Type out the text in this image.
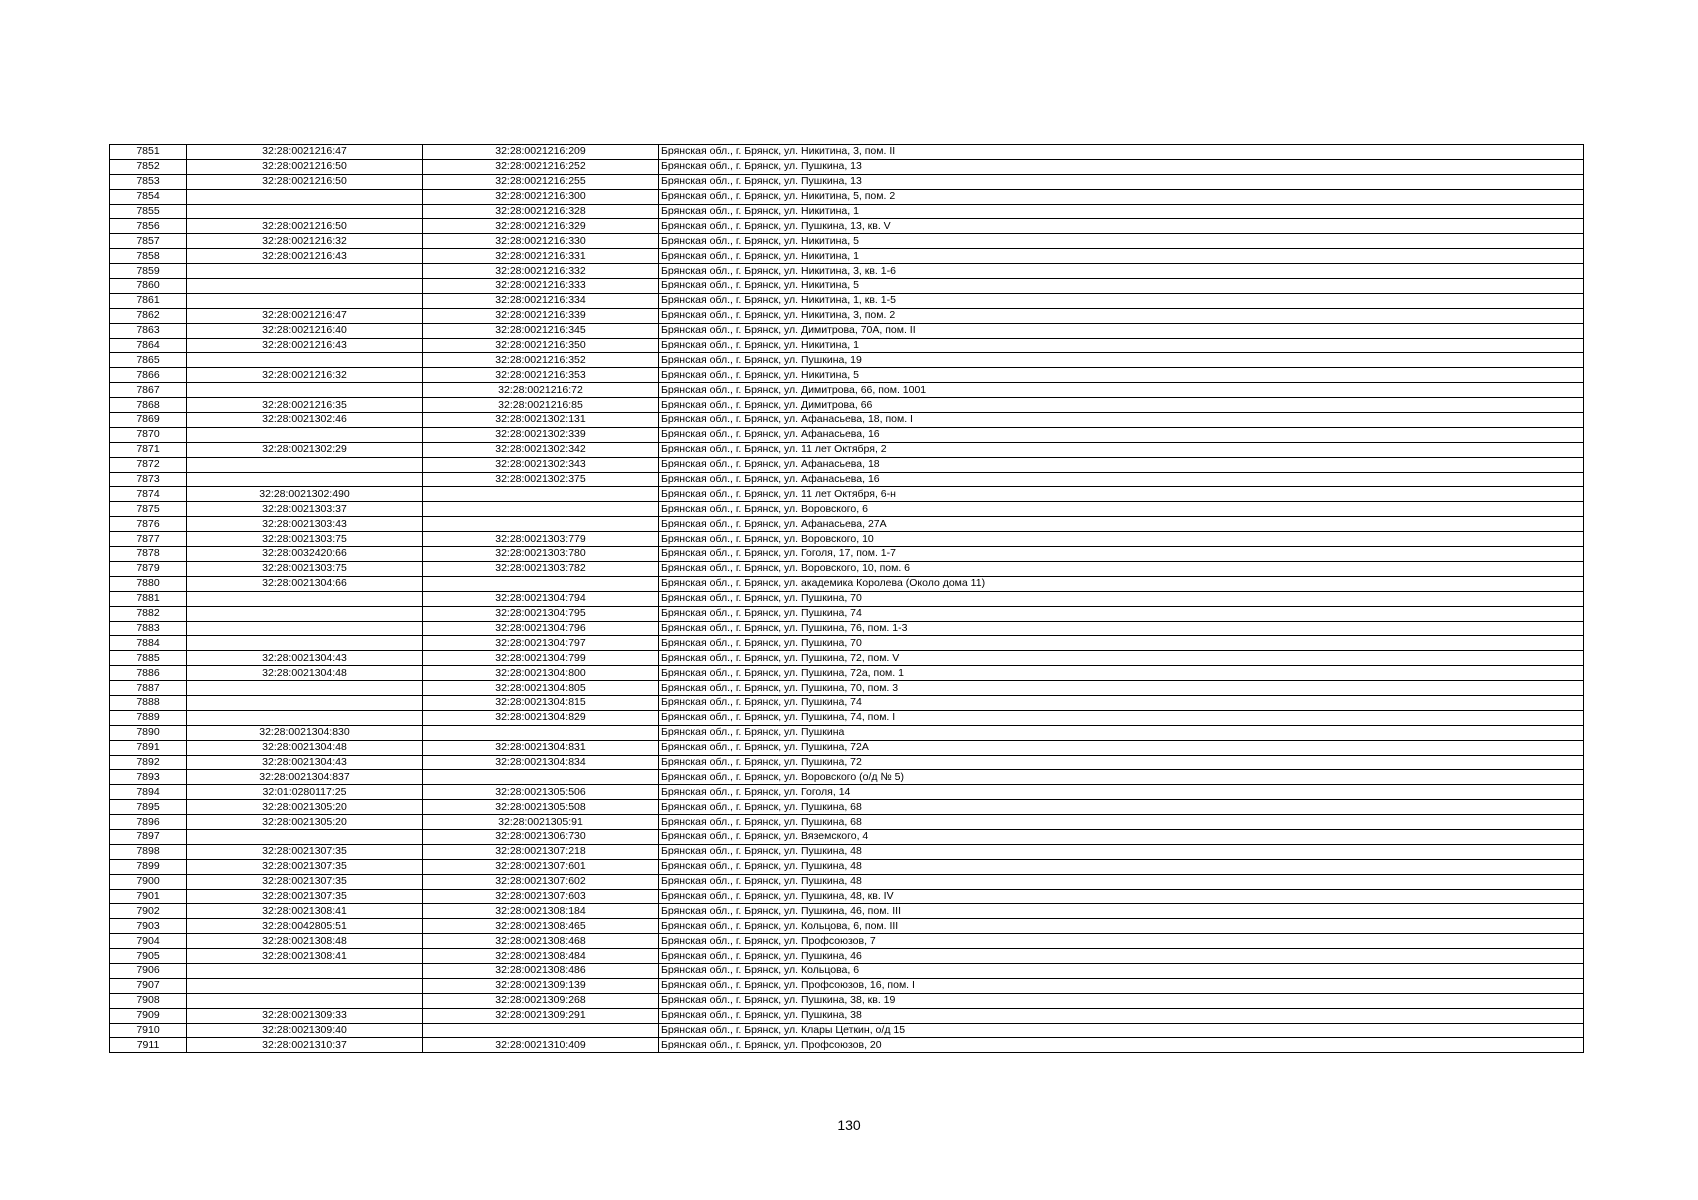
7851	32:28:0021216:47	32:28:0021216:209	Брянская обл., г. Брянск, ул. Никитина, 3, пом. II
7852	32:28:0021216:50	32:28:0021216:252	Брянская обл., г. Брянск, ул. Пушкина, 13
7853	32:28:0021216:50	32:28:0021216:255	Брянская обл., г. Брянск, ул. Пушкина, 13
7854		32:28:0021216:300	Брянская обл., г. Брянск, ул. Никитина, 5, пом. 2
7855		32:28:0021216:328	Брянская обл., г. Брянск, ул. Никитина, 1
7856	32:28:0021216:50	32:28:0021216:329	Брянская обл., г. Брянск, ул. Пушкина, 13, кв. V
7857	32:28:0021216:32	32:28:0021216:330	Брянская обл., г. Брянск, ул. Никитина, 5
7858	32:28:0021216:43	32:28:0021216:331	Брянская обл., г. Брянск, ул. Никитина, 1
7859		32:28:0021216:332	Брянская обл., г. Брянск, ул. Никитина, 3, кв. 1-6
7860		32:28:0021216:333	Брянская обл., г. Брянск, ул. Никитина, 5
7861		32:28:0021216:334	Брянская обл., г. Брянск, ул. Никитина, 1, кв. 1-5
7862	32:28:0021216:47	32:28:0021216:339	Брянская обл., г. Брянск, ул. Никитина, 3, пом. 2
7863	32:28:0021216:40	32:28:0021216:345	Брянская обл., г. Брянск, ул. Димитрова, 70А, пом. II
7864	32:28:0021216:43	32:28:0021216:350	Брянская обл., г. Брянск, ул. Никитина, 1
7865		32:28:0021216:352	Брянская обл., г. Брянск, ул. Пушкина, 19
7866	32:28:0021216:32	32:28:0021216:353	Брянская обл., г. Брянск, ул. Никитина, 5
7867		32:28:0021216:72	Брянская обл., г. Брянск, ул. Димитрова, 66, пом. 1001
7868	32:28:0021216:35	32:28:0021216:85	Брянская обл., г. Брянск, ул. Димитрова, 66
7869	32:28:0021302:46	32:28:0021302:131	Брянская обл., г. Брянск, ул. Афанасьева, 18, пом. I
7870		32:28:0021302:339	Брянская обл., г. Брянск, ул. Афанасьева, 16
7871	32:28:0021302:29	32:28:0021302:342	Брянская обл., г. Брянск, ул. 11 лет Октября, 2
7872		32:28:0021302:343	Брянская обл., г. Брянск, ул. Афанасьева, 18
7873		32:28:0021302:375	Брянская обл., г. Брянск, ул. Афанасьева, 16
7874	32:28:0021302:490		Брянская обл., г. Брянск, ул. 11 лет Октября, 6-н
7875	32:28:0021303:37		Брянская обл., г. Брянск, ул. Воровского, 6
7876	32:28:0021303:43		Брянская обл., г. Брянск, ул. Афанасьева, 27А
7877	32:28:0021303:75	32:28:0021303:779	Брянская обл., г. Брянск, ул. Воровского, 10
7878	32:28:0032420:66	32:28:0021303:780	Брянская обл., г. Брянск, ул. Гоголя, 17, пом. 1-7
7879	32:28:0021303:75	32:28:0021303:782	Брянская обл., г. Брянск, ул. Воровского, 10, пом. 6
7880	32:28:0021304:66		Брянская обл., г. Брянск, ул. академика Королева (Около дома 11)
7881		32:28:0021304:794	Брянская обл., г. Брянск, ул. Пушкина, 70
7882		32:28:0021304:795	Брянская обл., г. Брянск, ул. Пушкина, 74
7883		32:28:0021304:796	Брянская обл., г. Брянск, ул. Пушкина, 76, пом. 1-3
7884		32:28:0021304:797	Брянская обл., г. Брянск, ул. Пушкина, 70
7885	32:28:0021304:43	32:28:0021304:799	Брянская обл., г. Брянск, ул. Пушкина, 72, пом. V
7886	32:28:0021304:48	32:28:0021304:800	Брянская обл., г. Брянск, ул. Пушкина, 72а, пом. 1
7887		32:28:0021304:805	Брянская обл., г. Брянск, ул. Пушкина, 70, пом. 3
7888		32:28:0021304:815	Брянская обл., г. Брянск, ул. Пушкина, 74
7889		32:28:0021304:829	Брянская обл., г. Брянск, ул. Пушкина, 74, пом. I
7890	32:28:0021304:830		Брянская обл., г. Брянск, ул. Пушкина
7891	32:28:0021304:48	32:28:0021304:831	Брянская обл., г. Брянск, ул. Пушкина, 72А
7892	32:28:0021304:43	32:28:0021304:834	Брянская обл., г. Брянск, ул. Пушкина, 72
7893	32:28:0021304:837		Брянская обл., г. Брянск, ул. Воровского (о/д № 5)
7894	32:01:0280117:25	32:28:0021305:506	Брянская обл., г. Брянск, ул. Гоголя, 14
7895	32:28:0021305:20	32:28:0021305:508	Брянская обл., г. Брянск, ул. Пушкина, 68
7896	32:28:0021305:20	32:28:0021305:91	Брянская обл., г. Брянск, ул. Пушкина, 68
7897		32:28:0021306:730	Брянская обл., г. Брянск, ул. Вяземского, 4
7898	32:28:0021307:35	32:28:0021307:218	Брянская обл., г. Брянск, ул. Пушкина, 48
7899	32:28:0021307:35	32:28:0021307:601	Брянская обл., г. Брянск, ул. Пушкина, 48
7900	32:28:0021307:35	32:28:0021307:602	Брянская обл., г. Брянск, ул. Пушкина, 48
7901	32:28:0021307:35	32:28:0021307:603	Брянская обл., г. Брянск, ул. Пушкина, 48, кв. IV
7902	32:28:0021308:41	32:28:0021308:184	Брянская обл., г. Брянск, ул. Пушкина, 46, пом. III
7903	32:28:0042805:51	32:28:0021308:465	Брянская обл., г. Брянск, ул. Кольцова, 6, пом. III
7904	32:28:0021308:48	32:28:0021308:468	Брянская обл., г. Брянск, ул. Профсоюзов, 7
7905	32:28:0021308:41	32:28:0021308:484	Брянская обл., г. Брянск, ул. Пушкина, 46
7906		32:28:0021308:486	Брянская обл., г. Брянск, ул. Кольцова, 6
7907		32:28:0021309:139	Брянская обл., г. Брянск, ул. Профсоюзов, 16, пом. I
7908		32:28:0021309:268	Брянская обл., г. Брянск, ул. Пушкина, 38, кв. 19
7909	32:28:0021309:33	32:28:0021309:291	Брянская обл., г. Брянск, ул. Пушкина, 38
7910	32:28:0021309:40		Брянская обл., г. Брянск, ул. Клары Цеткин, о/д 15
7911	32:28:0021310:37	32:28:0021310:409	Брянская обл., г. Брянск, ул. Профсоюзов, 20
130
